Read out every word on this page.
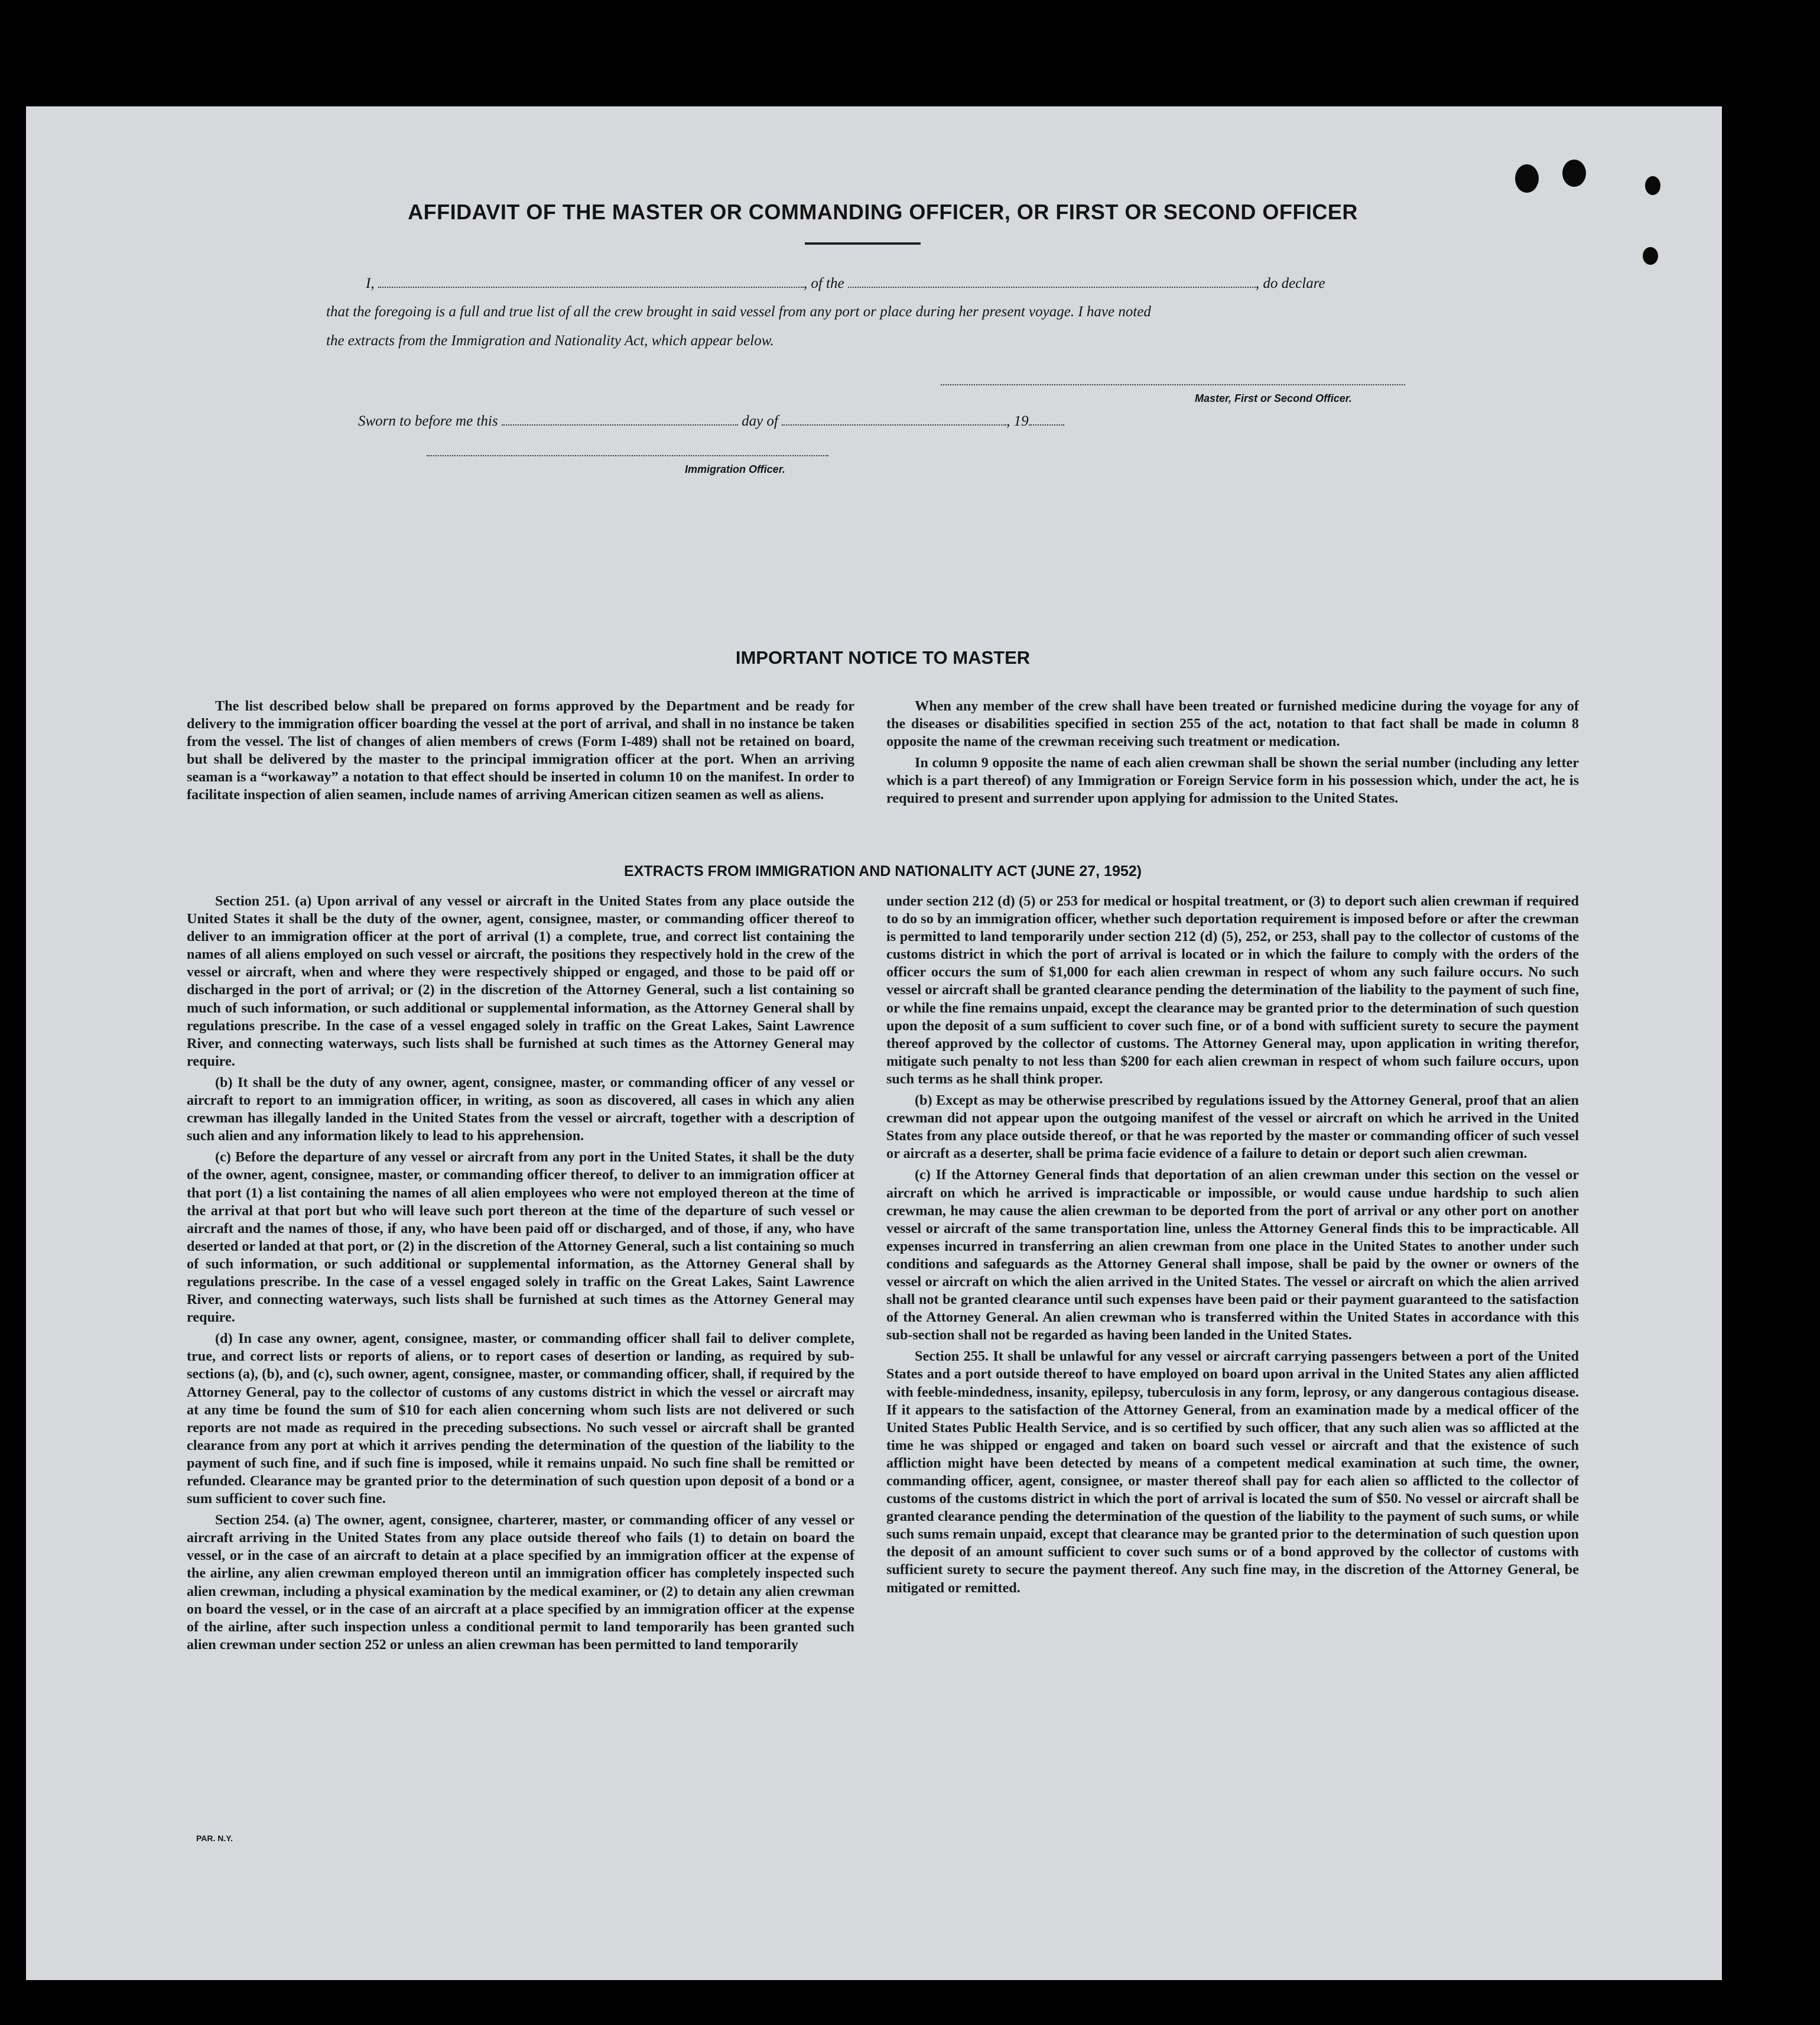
AFFIDAVIT OF THE MASTER OR COMMANDING OFFICER, OR FIRST OR SECOND OFFICER
I,	, of the	, do declare
that the foregoing is a full and true list of all the crew brought in said vessel from any port or place during her present voyage. I have noted
the extracts from the Immigration and Nationality Act, which appear below.
Master, First or Second Officer.
Sworn to before me this	day of	, 19
Immigration Officer.
IMPORTANT NOTICE TO MASTER

The list described below shall be prepared on forms approved by the Department and be ready for delivery to the immigration officer boarding the vessel at the port of arrival, and shall in no instance be taken from the vessel. The list of changes of alien members of crews (Form I-489) shall not be retained on board, but shall be delivered by the master to the principal immigration officer at the port. When an arriving seaman is a “workaway” a notation to that effect should be inserted in column 10 on the manifest. In order to facilitate inspection of alien seamen, include names of arriving American citizen seamen as well as aliens.

When any member of the crew shall have been treated or furnished medicine during the voyage for any of the diseases or disabilities specified in section 255 of the act, notation to that fact shall be made in column 8 opposite the name of the crewman receiving such treatment or medication.

In column 9 opposite the name of each alien crewman shall be shown the serial number (including any letter which is a part thereof) of any Immigration or Foreign Service form in his possession which, under the act, he is required to present and surrender upon applying for admission to the United States.

EXTRACTS FROM IMMIGRATION AND NATIONALITY ACT (JUNE 27, 1952)

Section 251. (a) Upon arrival of any vessel or aircraft in the United States from any place outside the United States it shall be the duty of the owner, agent, consignee, master, or commanding officer thereof to deliver to an immigration officer at the port of arrival (1) a complete, true, and correct list containing the names of all aliens employed on such vessel or aircraft, the positions they respectively hold in the crew of the vessel or aircraft, when and where they were respectively shipped or engaged, and those to be paid off or discharged in the port of arrival; or (2) in the discretion of the Attorney General, such a list containing so much of such information, or such additional or supplemental information, as the Attorney General shall by regulations prescribe. In the case of a vessel engaged solely in traffic on the Great Lakes, Saint Lawrence River, and connecting waterways, such lists shall be furnished at such times as the Attorney General may require.

(b) It shall be the duty of any owner, agent, consignee, master, or commanding officer of any vessel or aircraft to report to an immigration officer, in writing, as soon as discovered, all cases in which any alien crewman has illegally landed in the United States from the vessel or aircraft, together with a description of such alien and any information likely to lead to his apprehension.

(c) Before the departure of any vessel or aircraft from any port in the United States, it shall be the duty of the owner, agent, consignee, master, or commanding officer thereof, to deliver to an immigration officer at that port (1) a list containing the names of all alien employees who were not employed thereon at the time of the arrival at that port but who will leave such port thereon at the time of the departure of such vessel or aircraft and the names of those, if any, who have been paid off or discharged, and of those, if any, who have deserted or landed at that port, or (2) in the discretion of the Attorney General, such a list containing so much of such information, or such additional or supplemental information, as the Attorney General shall by regulations prescribe. In the case of a vessel engaged solely in traffic on the Great Lakes, Saint Lawrence River, and connecting waterways, such lists shall be furnished at such times as the Attorney General may require.

(d) In case any owner, agent, consignee, master, or commanding officer shall fail to deliver complete, true, and correct lists or reports of aliens, or to report cases of desertion or landing, as required by sub-sections (a), (b), and (c), such owner, agent, consignee, master, or commanding officer, shall, if required by the Attorney General, pay to the collector of customs of any customs district in which the vessel or aircraft may at any time be found the sum of $10 for each alien concerning whom such lists are not delivered or such reports are not made as required in the preceding subsections. No such vessel or aircraft shall be granted clearance from any port at which it arrives pending the determination of the question of the liability to the payment of such fine, and if such fine is imposed, while it remains unpaid. No such fine shall be remitted or refunded. Clearance may be granted prior to the determination of such question upon deposit of a bond or a sum sufficient to cover such fine.

Section 254. (a) The owner, agent, consignee, charterer, master, or commanding officer of any vessel or aircraft arriving in the United States from any place outside thereof who fails (1) to detain on board the vessel, or in the case of an aircraft to detain at a place specified by an immigration officer at the expense of the airline, any alien crewman employed thereon until an immigration officer has completely inspected such alien crewman, including a physical examination by the medical examiner, or (2) to detain any alien crewman on board the vessel, or in the case of an aircraft at a place specified by an immigration officer at the expense of the airline, after such inspection unless a conditional permit to land temporarily has been granted such alien crewman under section 252 or unless an alien crewman has been permitted to land temporarily

under section 212 (d) (5) or 253 for medical or hospital treatment, or (3) to deport such alien crewman if required to do so by an immigration officer, whether such deportation requirement is imposed before or after the crewman is permitted to land temporarily under section 212 (d) (5), 252, or 253, shall pay to the collector of customs of the customs district in which the port of arrival is located or in which the failure to comply with the orders of the officer occurs the sum of $1,000 for each alien crewman in respect of whom any such failure occurs. No such vessel or aircraft shall be granted clearance pending the determination of the liability to the payment of such fine, or while the fine remains unpaid, except the clearance may be granted prior to the determination of such question upon the deposit of a sum sufficient to cover such fine, or of a bond with sufficient surety to secure the payment thereof approved by the collector of customs. The Attorney General may, upon application in writing therefor, mitigate such penalty to not less than $200 for each alien crewman in respect of whom such failure occurs, upon such terms as he shall think proper.

(b) Except as may be otherwise prescribed by regulations issued by the Attorney General, proof that an alien crewman did not appear upon the outgoing manifest of the vessel or aircraft on which he arrived in the United States from any place outside thereof, or that he was reported by the master or commanding officer of such vessel or aircraft as a deserter, shall be prima facie evidence of a failure to detain or deport such alien crewman.

(c) If the Attorney General finds that deportation of an alien crewman under this section on the vessel or aircraft on which he arrived is impracticable or impossible, or would cause undue hardship to such alien crewman, he may cause the alien crewman to be deported from the port of arrival or any other port on another vessel or aircraft of the same transportation line, unless the Attorney General finds this to be impracticable. All expenses incurred in transferring an alien crewman from one place in the United States to another under such conditions and safeguards as the Attorney General shall impose, shall be paid by the owner or owners of the vessel or aircraft on which the alien arrived in the United States. The vessel or aircraft on which the alien arrived shall not be granted clearance until such expenses have been paid or their payment guaranteed to the satisfaction of the Attorney General. An alien crewman who is transferred within the United States in accordance with this sub-section shall not be regarded as having been landed in the United States.

Section 255. It shall be unlawful for any vessel or aircraft carrying passengers between a port of the United States and a port outside thereof to have employed on board upon arrival in the United States any alien afflicted with feeble-mindedness, insanity, epilepsy, tuberculosis in any form, leprosy, or any dangerous contagious disease. If it appears to the satisfaction of the Attorney General, from an examination made by a medical officer of the United States Public Health Service, and is so certified by such officer, that any such alien was so afflicted at the time he was shipped or engaged and taken on board such vessel or aircraft and that the existence of such affliction might have been detected by means of a competent medical examination at such time, the owner, commanding officer, agent, consignee, or master thereof shall pay for each alien so afflicted to the collector of customs of the customs district in which the port of arrival is located the sum of $50. No vessel or aircraft shall be granted clearance pending the determination of the question of the liability to the payment of such sums, or while such sums remain unpaid, except that clearance may be granted prior to the determination of such question upon the deposit of an amount sufficient to cover such sums or of a bond approved by the collector of customs with sufficient surety to secure the payment thereof. Any such fine may, in the discretion of the Attorney General, be mitigated or remitted.

PAR. N.Y.
